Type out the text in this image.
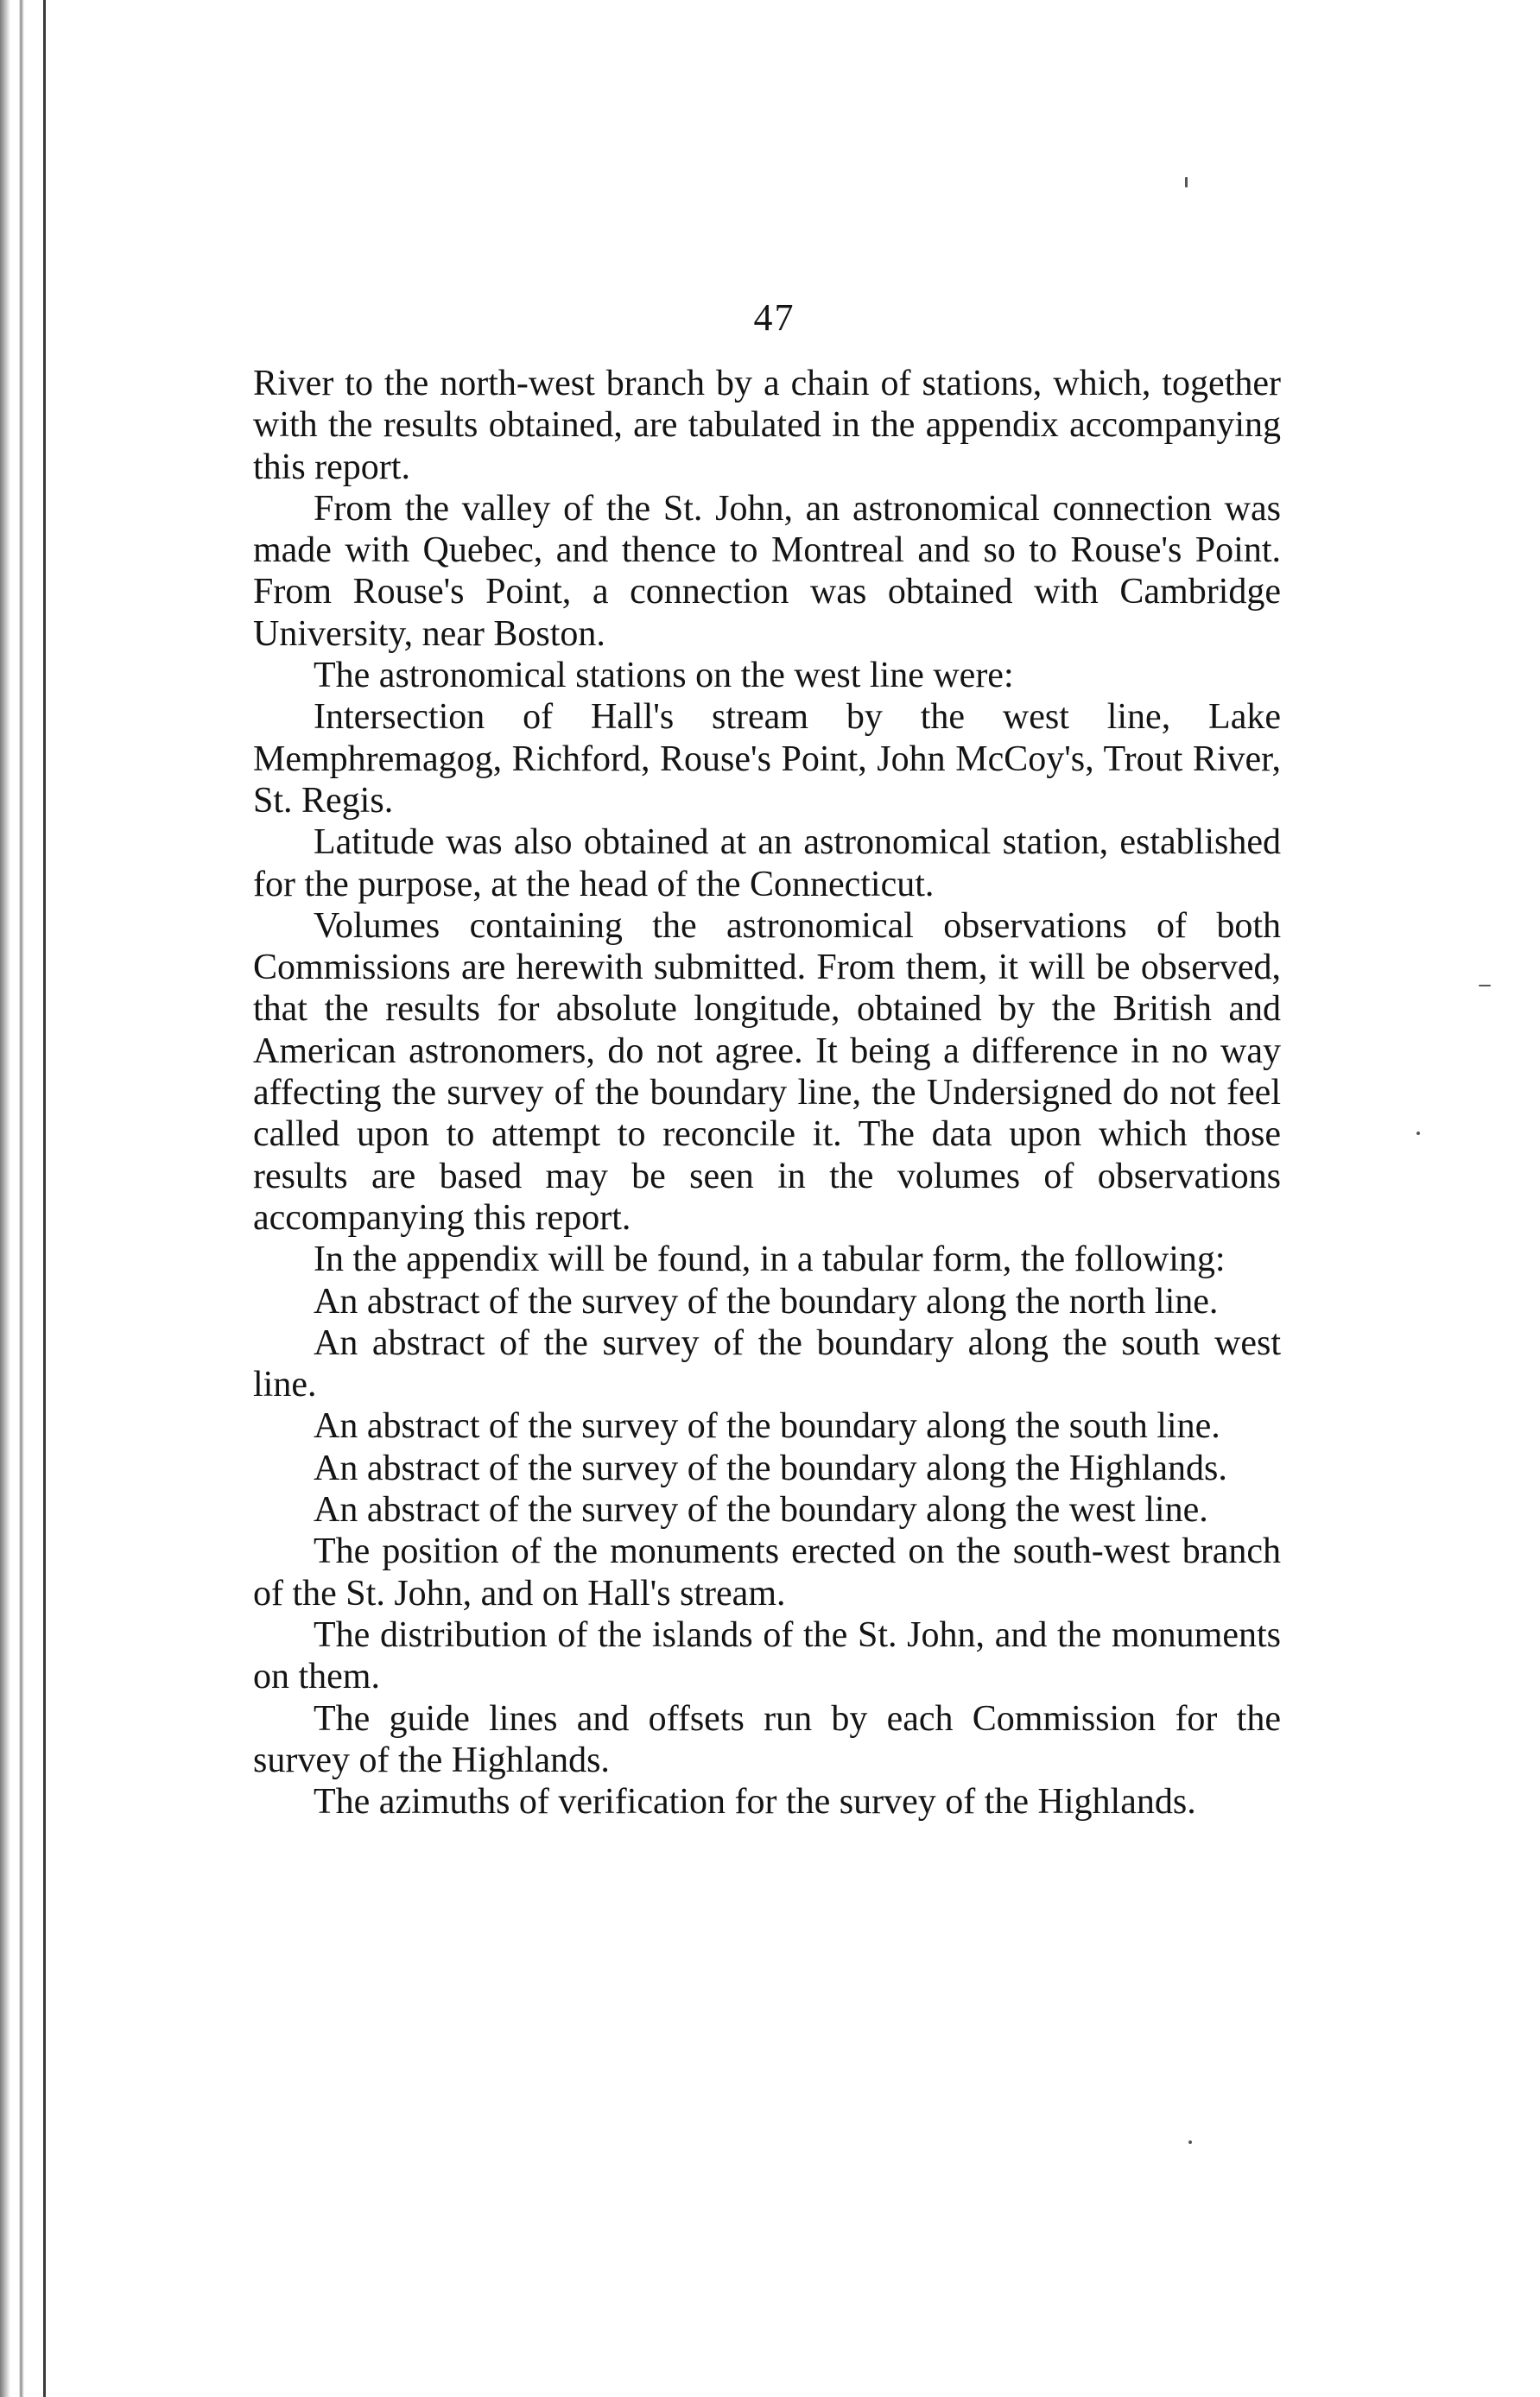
47

River to the north-west branch by a chain of stations, which, together with the results obtained, are tabulated in the appendix accompanying this report.

From the valley of the St. John, an astronomical connection was made with Quebec, and thence to Montreal and so to Rouse's Point. From Rouse's Point, a connection was obtained with Cambridge University, near Boston.

The astronomical stations on the west line were:

Intersection of Hall's stream by the west line, Lake Memphremagog, Richford, Rouse's Point, John McCoy's, Trout River, St. Regis.

Latitude was also obtained at an astronomical station, established for the purpose, at the head of the Connecticut.

Volumes containing the astronomical observations of both Commissions are herewith submitted. From them, it will be observed, that the results for absolute longitude, obtained by the British and American astronomers, do not agree. It being a difference in no way affecting the survey of the boundary line, the Undersigned do not feel called upon to attempt to reconcile it. The data upon which those results are based may be seen in the volumes of observations accompanying this report.

In the appendix will be found, in a tabular form, the following:

An abstract of the survey of the boundary along the north line.

An abstract of the survey of the boundary along the south west line.

An abstract of the survey of the boundary along the south line.

An abstract of the survey of the boundary along the Highlands.

An abstract of the survey of the boundary along the west line.

The position of the monuments erected on the south-west branch of the St. John, and on Hall's stream.

The distribution of the islands of the St. John, and the monuments on them.

The guide lines and offsets run by each Commission for the survey of the Highlands.

The azimuths of verification for the survey of the Highlands.
